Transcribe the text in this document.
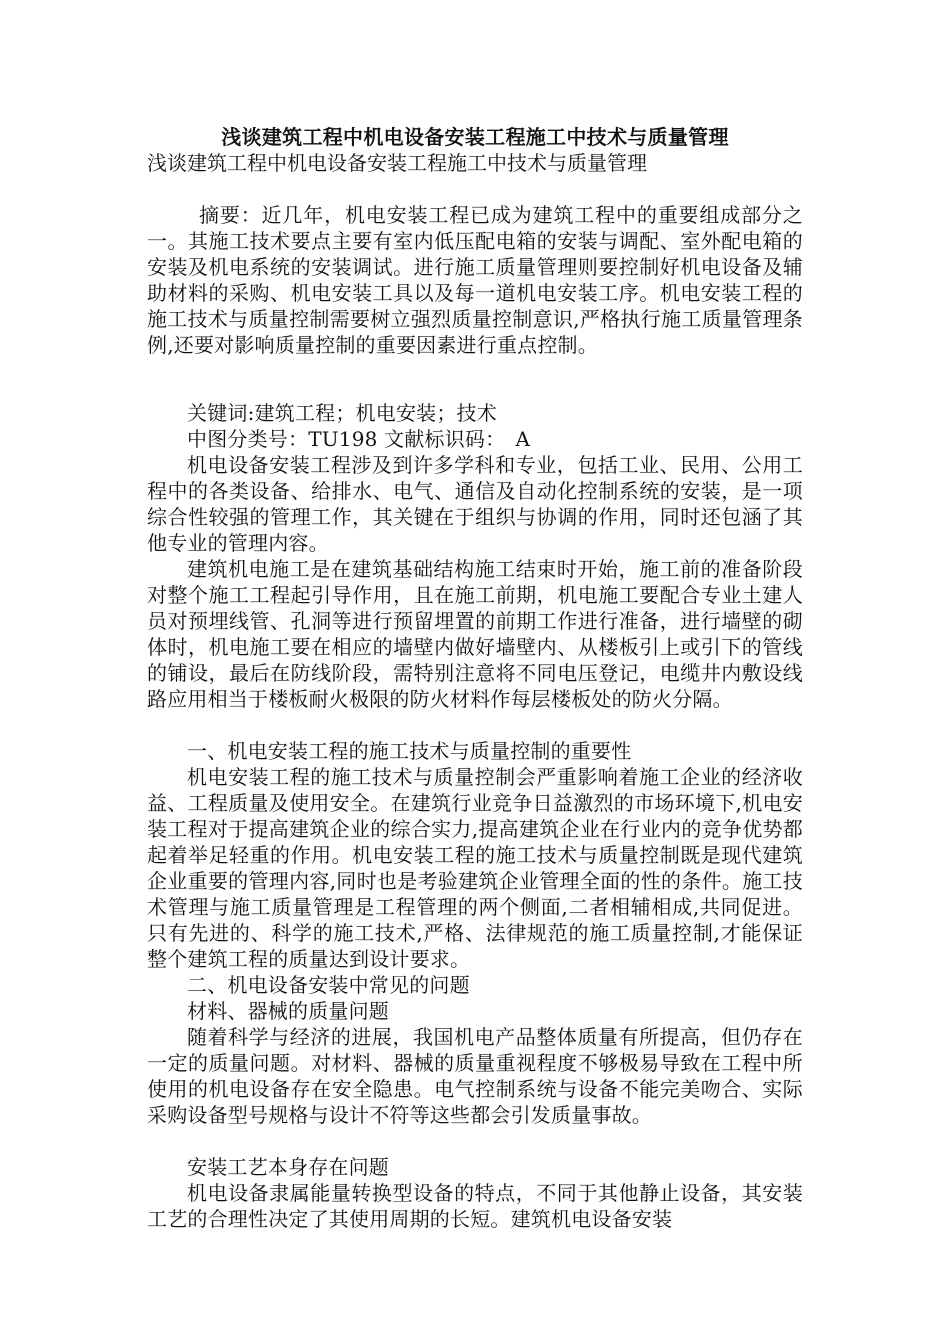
浅谈建筑工程中机电设备安装工程施工中技术与质量管理
浅谈建筑工程中机电设备安装工程施工中技术与质量管理
摘要：近几年，机电安装工程已成为建筑工程中的重要组成部分之一。其施工技术要点主要有室内低压配电箱的安装与调配、室外配电箱的安装及机电系统的安装调试。进行施工质量管理则要控制好机电设备及辅助材料的采购、机电安装工具以及每一道机电安装工序。机电安装工程的施工技术与质量控制需要树立强烈质量控制意识,严格执行施工质量管理条例,还要对影响质量控制的重要因素进行重点控制。
关键词:建筑工程；机电安装；技术
中图分类号：TU198 文献标识码：　A
机电设备安装工程涉及到许多学科和专业，包括工业、民用、公用工程中的各类设备、给排水、电气、通信及自动化控制系统的安装，是一项综合性较强的管理工作，其关键在于组织与协调的作用，同时还包涵了其他专业的管理内容。
建筑机电施工是在建筑基础结构施工结束时开始，施工前的准备阶段对整个施工工程起引导作用，且在施工前期，机电施工要配合专业土建人员对预埋线管、孔洞等进行预留埋置的前期工作进行准备，进行墙壁的砌体时，机电施工要在相应的墙壁内做好墙壁内、从楼板引上或引下的管线的铺设，最后在防线阶段，需特别注意将不同电压登记，电缆井内敷设线路应用相当于楼板耐火极限的防火材料作每层楼板处的防火分隔。
一、机电安装工程的施工技术与质量控制的重要性
机电安装工程的施工技术与质量控制会严重影响着施工企业的经济收益、工程质量及使用安全。在建筑行业竞争日益激烈的市场环境下,机电安装工程对于提高建筑企业的综合实力,提高建筑企业在行业内的竞争优势都起着举足轻重的作用。机电安装工程的施工技术与质量控制既是现代建筑企业重要的管理内容,同时也是考验建筑企业管理全面的性的条件。施工技术管理与施工质量管理是工程管理的两个侧面,二者相辅相成,共同促进。只有先进的、科学的施工技术,严格、法律规范的施工质量控制,才能保证整个建筑工程的质量达到设计要求。
二、机电设备安装中常见的问题
材料、器械的质量问题
随着科学与经济的进展，我国机电产品整体质量有所提高，但仍存在一定的质量问题。对材料、器械的质量重视程度不够极易导致在工程中所使用的机电设备存在安全隐患。电气控制系统与设备不能完美吻合、实际采购设备型号规格与设计不符等这些都会引发质量事故。
安装工艺本身存在问题
机电设备隶属能量转换型设备的特点，不同于其他静止设备，其安装工艺的合理性决定了其使用周期的长短。建筑机电设备安装
